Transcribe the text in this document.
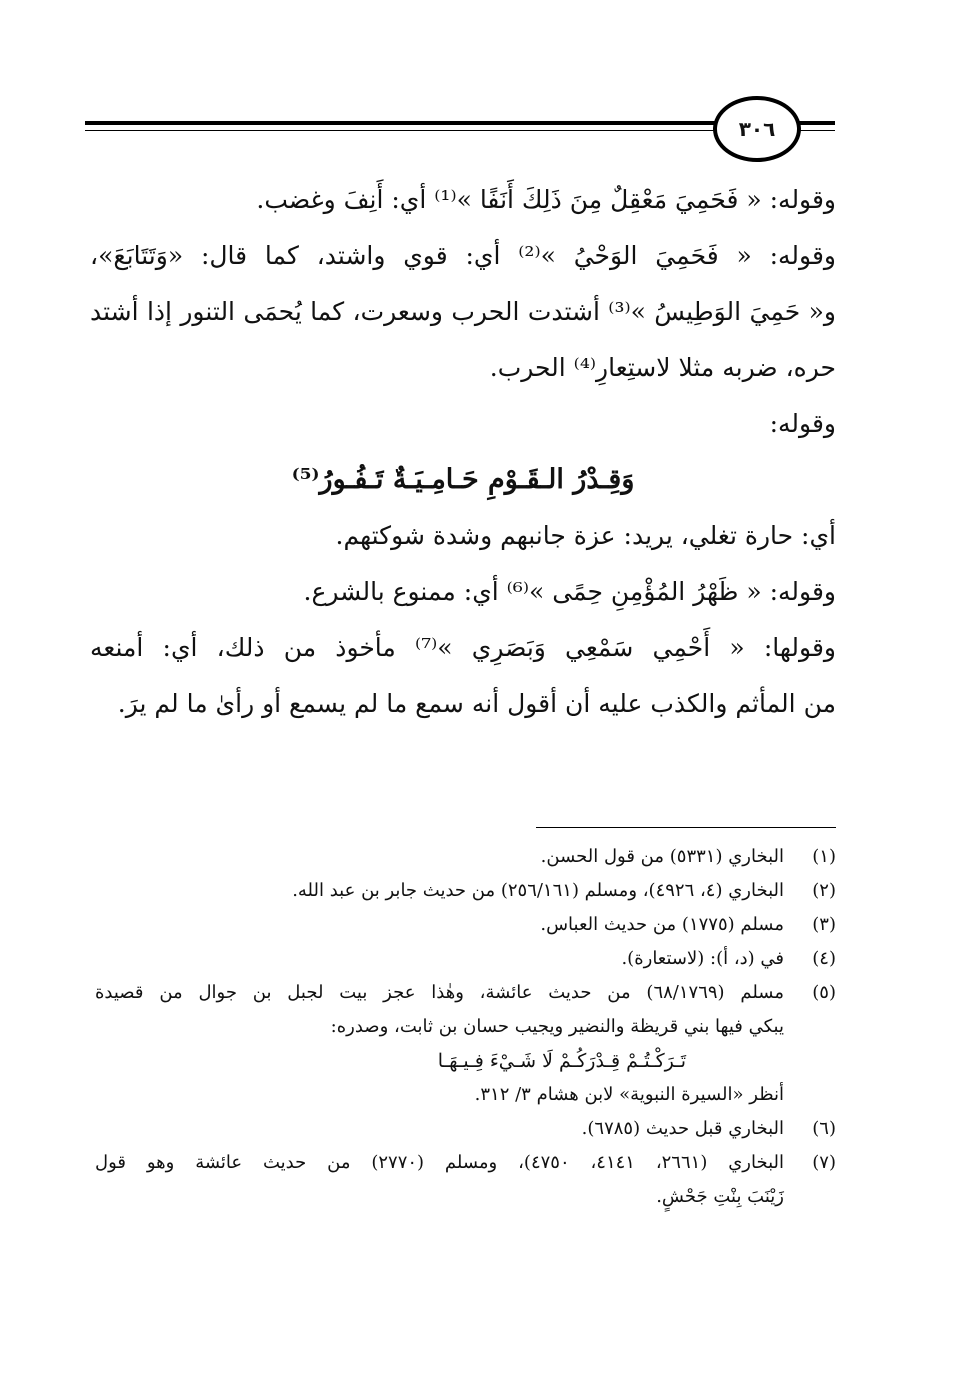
٣٠٦
وقوله: « فَحَمِيَ مَعْقِلٌ مِنَ ذَلِكَ أَنَفًا »⁽¹⁾ أي: أَنِفَ وغضب.
وقوله: « فَحَمِيَ الوَحْيُ »⁽²⁾ أي: قوي واشتد، كما قال: «وَتَتَابَعَ»،
و« حَمِيَ الوَطِيسُ »⁽³⁾ أشتدت الحرب وسعرت، كما يُحمَى التنور إذا أشتد
حره، ضربه مثلا لاستِعارِ⁽⁴⁾ الحرب.
وقوله:
وَقِـدْرُ الـقَـوْمِ حَـامِـيَـةٌ تَـفُـورُ⁽⁵⁾
أي: حارة تغلي، يريد: عزة جانبهم وشدة شوكتهم.
وقوله: « ظَهْرُ المُؤْمِنِ حِمًى »⁽⁶⁾ أي: ممنوع بالشرع.
وقولها: « أَحْمِي سَمْعِي وَبَصَرِي »⁽⁷⁾ مأخوذ من ذلك، أي: أمنعه
من المأثم والكذب عليه أن أقول أنه سمع ما لم يسمع أو رأىٰ ما لم يرَ.
(١)
البخاري (٥٣٣١) من قول الحسن.
(٢)
البخاري (٤، ٤٩٢٦)، ومسلم (٢٥٦/١٦١) من حديث جابر بن عبد الله.
(٣)
مسلم (١٧٧٥) من حديث العباس.
(٤)
في (د، أ): (لاستعارة).
(٥)
مسلم (٦٨/١٧٦٩) من حديث عائشة، وهٰذا عجز بيت لجبل بن جوال من قصيدة
يبكي فيها بني قريظة والنضير ويجيب حسان بن ثابت، وصدره:
تَـرَكْـتُـمْ قِـدْرَكُـمْ لَا شَـيْءَ فِـيـهَـا
أنظر «السيرة النبوية» لابن هشام ٣/ ٣١٢.
(٦)
البخاري قبل حديث (٦٧٨٥).
(٧)
البخاري (٢٦٦١، ٤١٤١، ٤٧٥٠)، ومسلم (٢٧٧٠) من حديث عائشة وهو قول
زَيْنَبَ بِنْتِ جَحْشٍ.
